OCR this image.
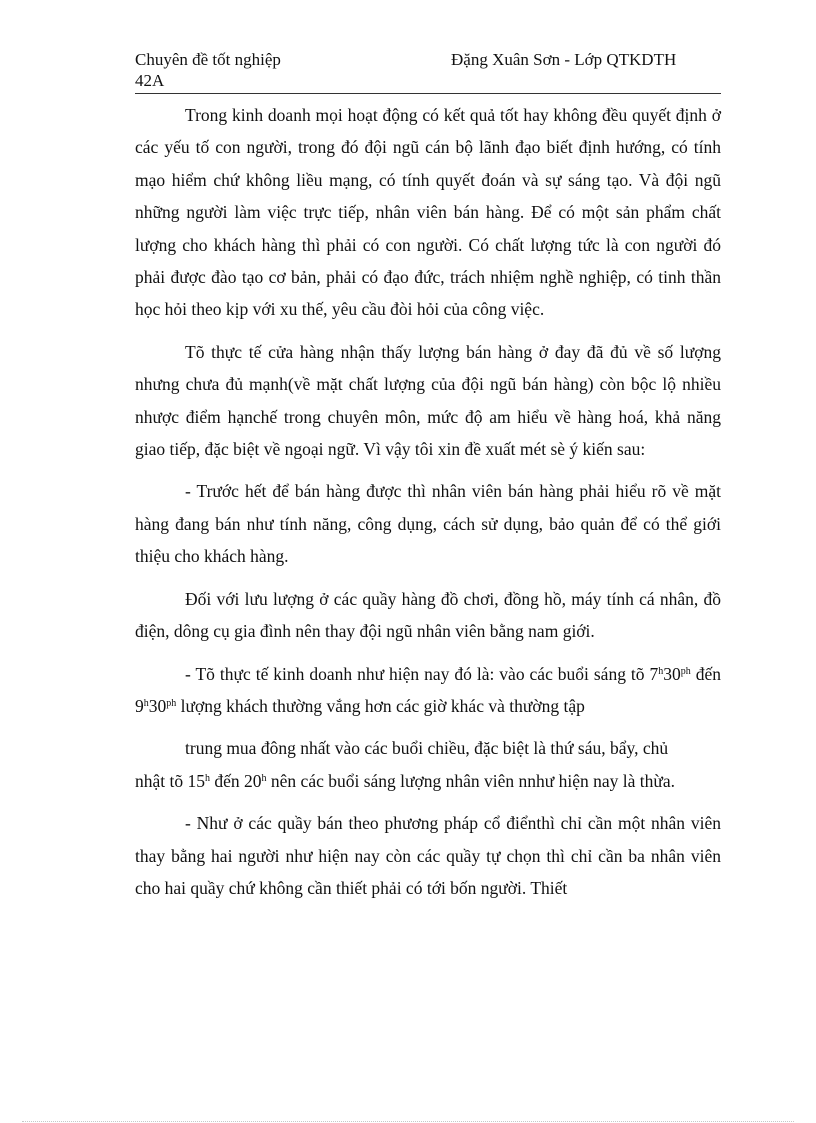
Chuyên đề tốt nghiệp	Đặng Xuân Sơn - Lớp QTKDTH
42A

Trong kinh doanh mọi hoạt động có kết quả tốt hay không đều quyết định ở các yếu tố con người, trong đó đội ngũ cán bộ lãnh đạo biết định hướng, có tính mạo hiểm chứ không liều mạng, có tính quyết đoán và sự sáng tạo. Và đội ngũ những người làm việc trực tiếp, nhân viên bán hàng. Để có một sản phẩm chất lượng cho khách hàng thì phải có con người. Có chất lượng tức là con người đó phải được đào tạo cơ bản, phải có đạo đức, trách nhiệm nghề nghiệp, có tinh thần học hỏi theo kịp với xu thế, yêu cầu đòi hỏi của công việc.

Tõ thực tế cửa hàng nhận thấy lượng bán hàng ở đay đã đủ về số lượng nhưng chưa đủ mạnh(về mặt chất lượng của đội ngũ bán hàng) còn bộc lộ nhiều nhược điểm hạnchế trong chuyên môn, mức độ am hiểu về hàng hoá, khả năng giao tiếp, đặc biệt về ngoại ngữ. Vì vậy tôi xin đề xuất mét sè ý kiến sau:

- Trước hết để bán hàng được thì nhân viên bán hàng phải hiểu rõ về mặt hàng đang bán như tính năng, công dụng, cách sử dụng, bảo quản để có thể giới thiệu cho khách hàng.

Đối với lưu lượng ở các quầy hàng đồ chơi, đồng hồ, máy tính cá nhân, đồ điện, dông cụ gia đình nên thay đội ngũ nhân viên bằng nam giới.

- Tõ thực tế kinh doanh như hiện nay đó là: vào các buổi sáng tõ $7^h30^{ph}$ đến $9^h30^{ph}$ lượng khách thường vắng hơn các giờ khác và thường tập

trung mua đông nhất vào các buổi chiều, đặc biệt là thứ sáu, bẩy, chủ

nhật tõ 15$^h$ đến 20$^h$ nên các buổi sáng lượng nhân viên nnhư hiện nay là thừa.

- Như ở các quầy bán theo phương pháp cổ điểnthì chỉ cần một nhân viên thay bằng hai người như hiện nay còn các quầy tự chọn thì chỉ cần ba nhân viên cho hai quầy chứ không cần thiết phải có tới bốn người. Thiết
